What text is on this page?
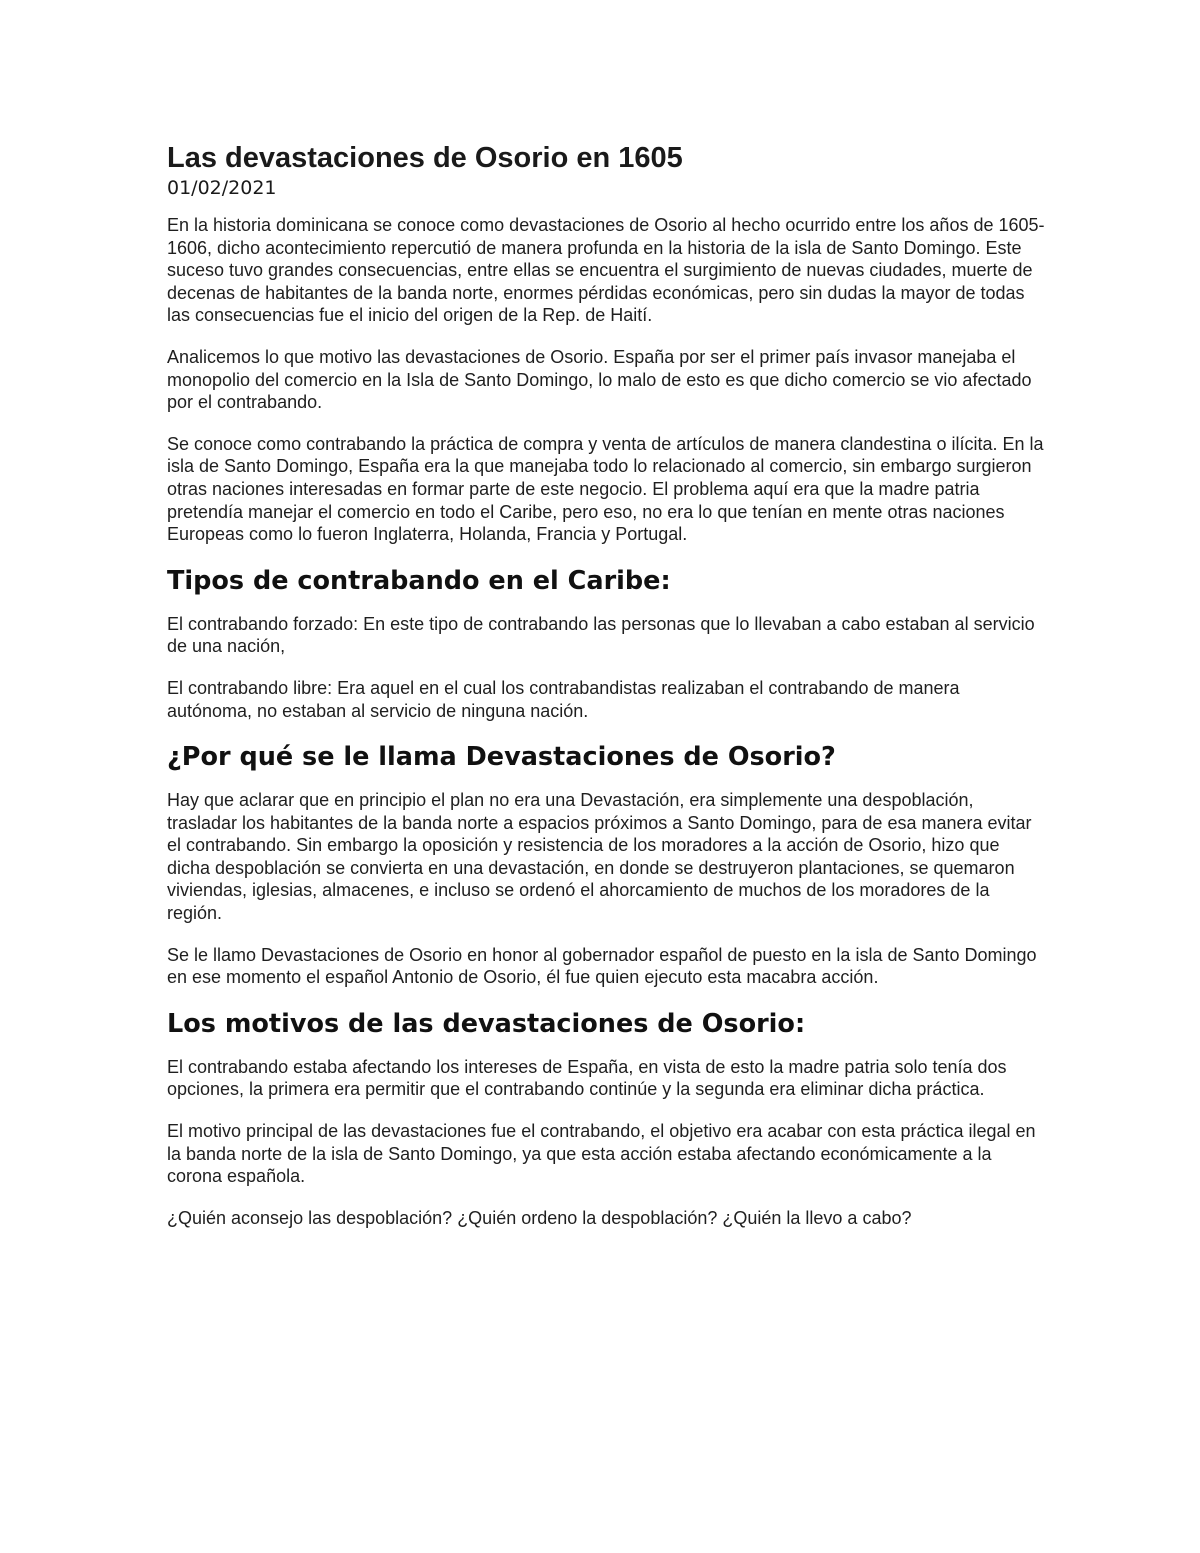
Las devastaciones de Osorio en 1605
01/02/2021

En la historia dominicana se conoce como devastaciones de Osorio al hecho ocurrido entre los años de 1605-1606, dicho acontecimiento repercutió de manera profunda en la historia de la isla de Santo Domingo. Este suceso tuvo grandes consecuencias, entre ellas se encuentra el surgimiento de nuevas ciudades, muerte de decenas de habitantes de la banda norte, enormes pérdidas económicas, pero sin dudas la mayor de todas las consecuencias fue el inicio del origen de la Rep. de Haití.

Analicemos lo que motivo las devastaciones de Osorio. España por ser el primer país invasor manejaba el monopolio del comercio en la Isla de Santo Domingo, lo malo de esto es que dicho comercio se vio afectado por el contrabando.

Se conoce como contrabando la práctica de compra y venta de artículos de manera clandestina o ilícita. En la isla de Santo Domingo, España era la que manejaba todo lo relacionado al comercio, sin embargo surgieron otras naciones interesadas en formar parte de este negocio. El problema aquí era que la madre patria pretendía manejar el comercio en todo el Caribe, pero eso, no era lo que tenían en mente otras naciones Europeas como lo fueron Inglaterra, Holanda, Francia y Portugal.

Tipos de contrabando en el Caribe:

El contrabando forzado: En este tipo de contrabando las personas que lo llevaban a cabo estaban al servicio de una nación,

El contrabando libre: Era aquel en el cual los contrabandistas realizaban el contrabando de manera autónoma, no estaban al servicio de ninguna nación.

¿Por qué se le llama Devastaciones de Osorio?

Hay que aclarar que en principio el plan no era una Devastación, era simplemente una despoblación, trasladar los habitantes de la banda norte a espacios próximos a Santo Domingo, para de esa manera evitar el contrabando. Sin embargo la oposición y resistencia de los moradores a la acción de Osorio, hizo que dicha despoblación se convierta en una devastación, en donde se destruyeron plantaciones, se quemaron viviendas, iglesias, almacenes, e incluso se ordenó el ahorcamiento de muchos de los moradores de la región.

Se le llamo Devastaciones de Osorio en honor al gobernador español de puesto en la isla de Santo Domingo en ese momento el español Antonio de Osorio, él fue quien ejecuto esta macabra acción.

Los motivos de las devastaciones de Osorio:

El contrabando estaba afectando los intereses de España, en vista de esto la madre patria solo tenía dos opciones, la primera era permitir que el contrabando continúe y la segunda era eliminar dicha práctica.

El motivo principal de las devastaciones fue el contrabando, el objetivo era acabar con esta práctica ilegal en la banda norte de la isla de Santo Domingo, ya que esta acción estaba afectando económicamente a la corona española.

¿Quién aconsejo las despoblación? ¿Quién ordeno la despoblación? ¿Quién la llevo a cabo?
